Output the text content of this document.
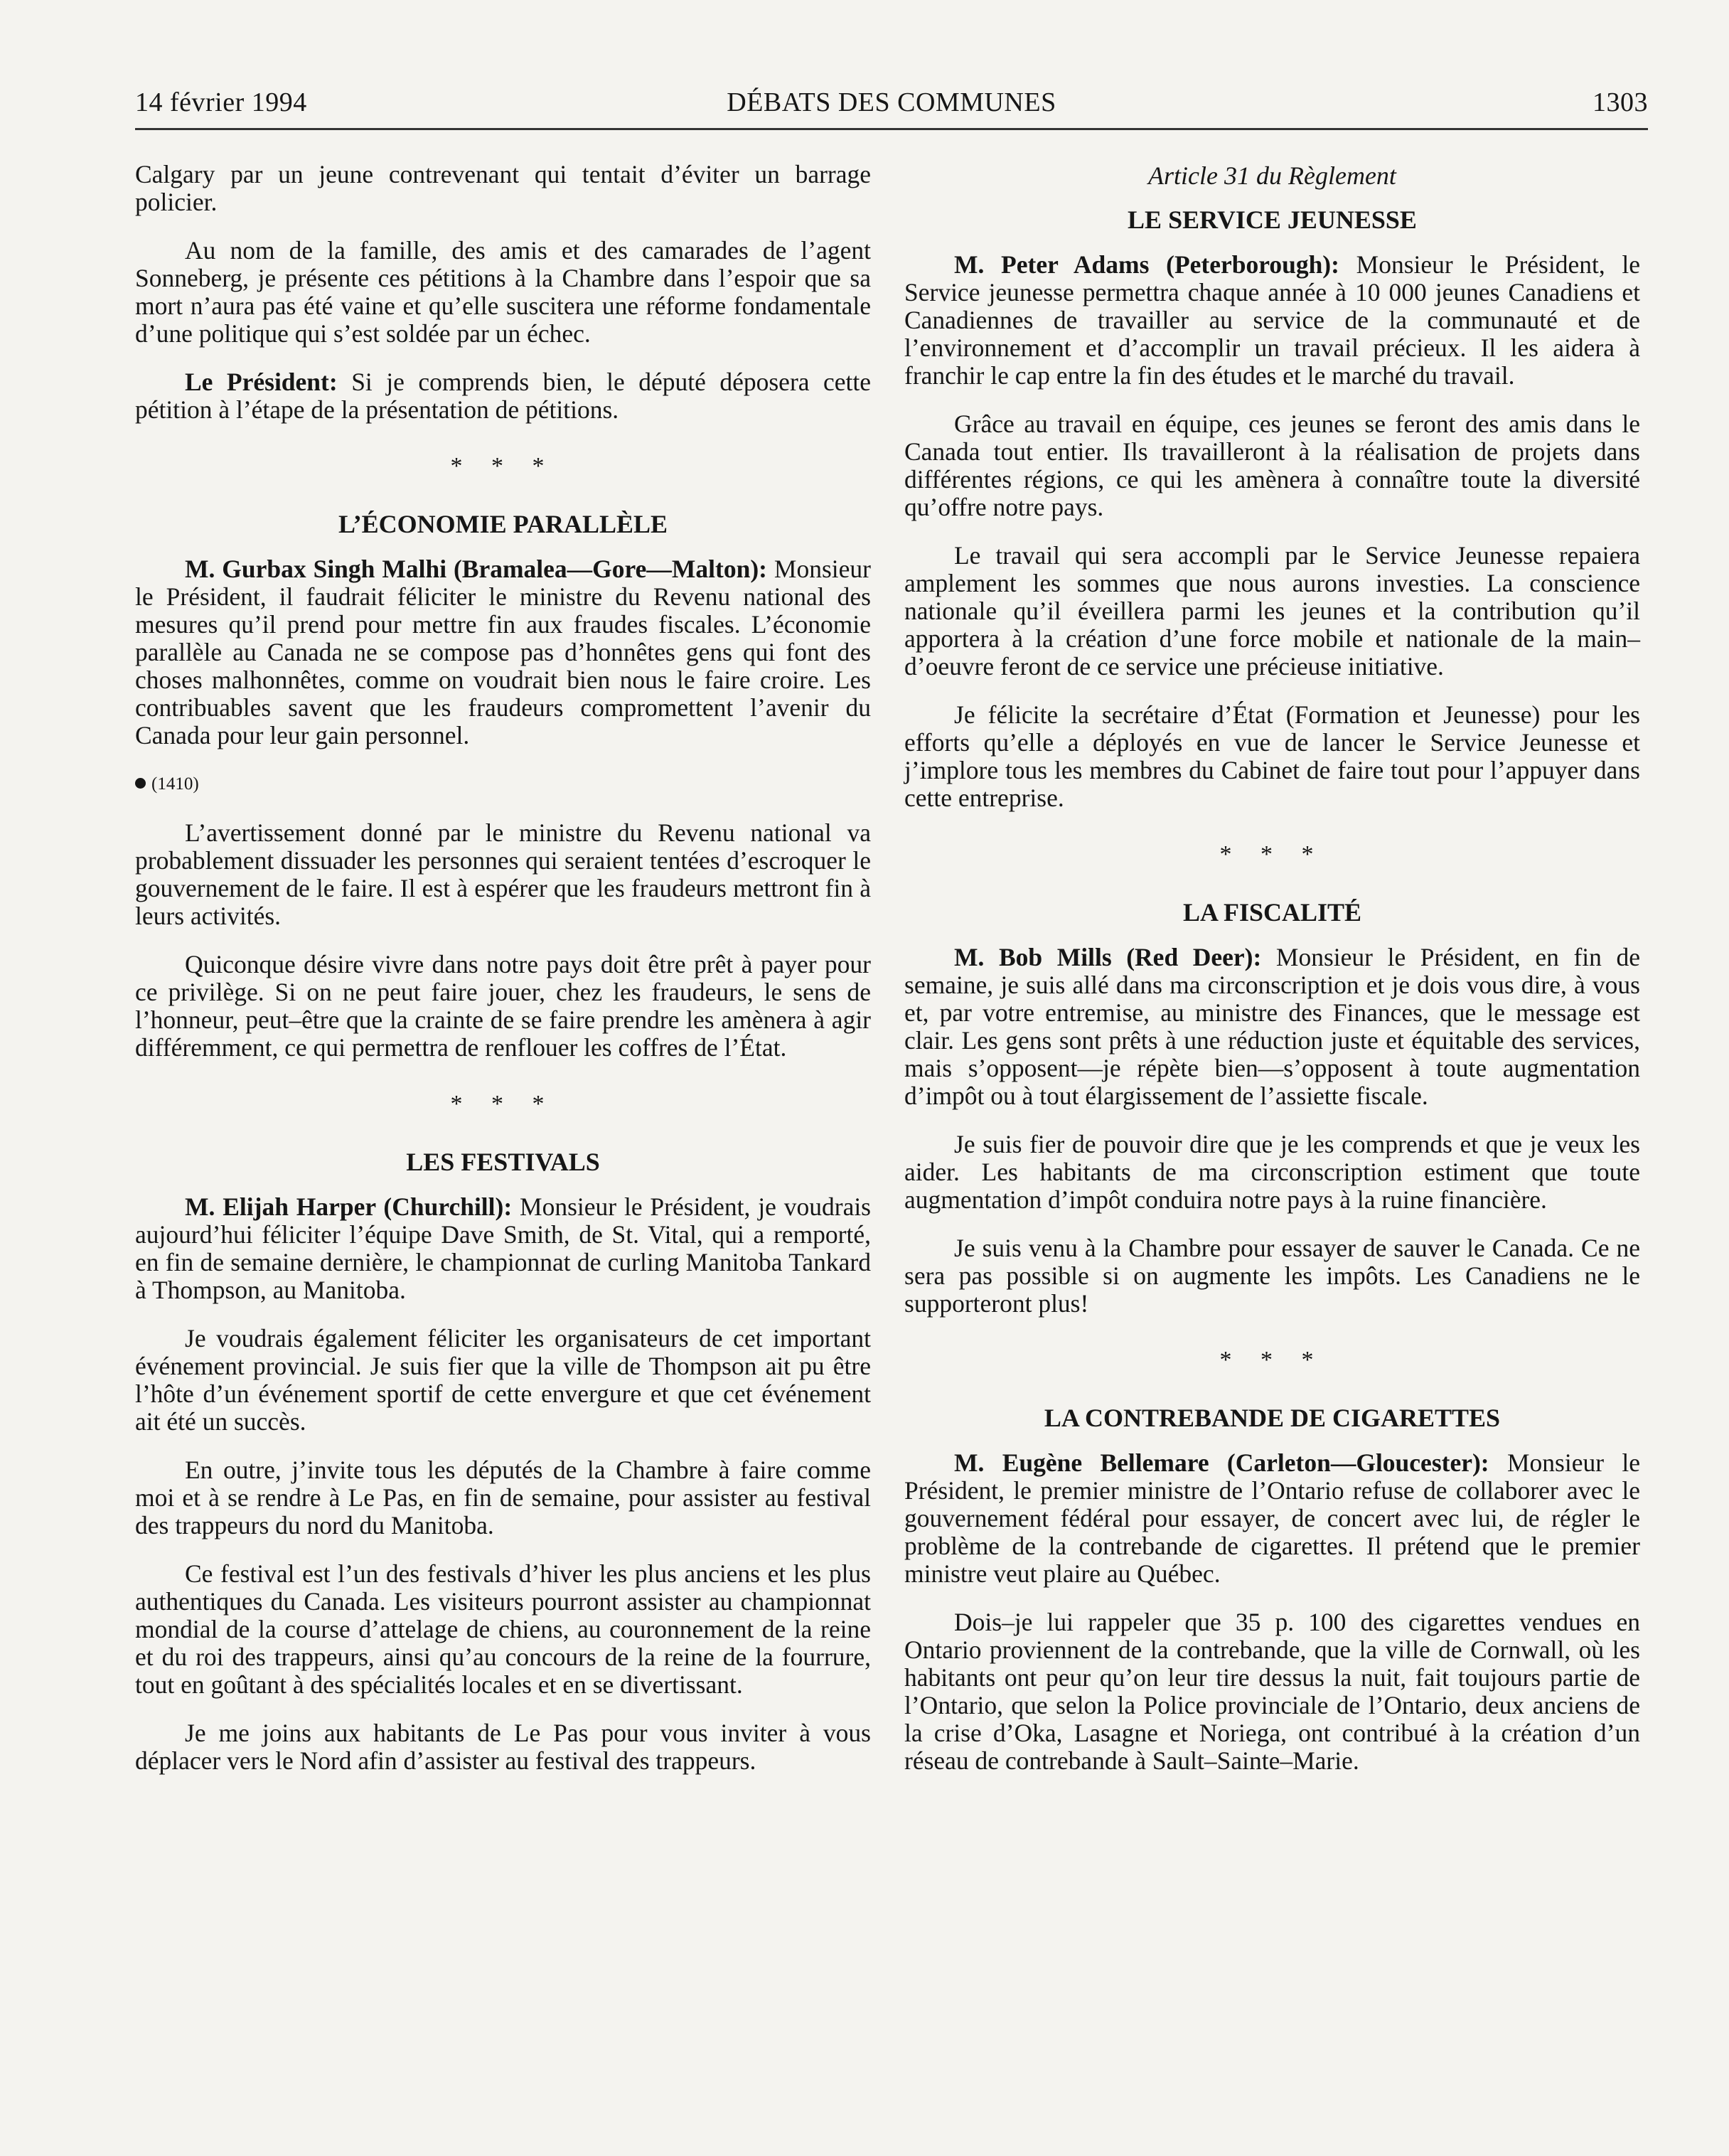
14 février 1994	DÉBATS DES COMMUNES	1303

Calgary par un jeune contrevenant qui tentait d’éviter un barrage policier.

Au nom de la famille, des amis et des camarades de l’agent Sonneberg, je présente ces pétitions à la Chambre dans l’espoir que sa mort n’aura pas été vaine et qu’elle suscitera une réforme fondamentale d’une politique qui s’est soldée par un échec.

Le Président: Si je comprends bien, le député déposera cette pétition à l’étape de la présentation de pétitions.

* * *
L’ÉCONOMIE PARALLÈLE

M. Gurbax Singh Malhi (Bramalea—Gore—Malton): Monsieur le Président, il faudrait féliciter le ministre du Revenu national des mesures qu’il prend pour mettre fin aux fraudes fiscales. L’économie parallèle au Canada ne se compose pas d’honnêtes gens qui font des choses malhonnêtes, comme on voudrait bien nous le faire croire. Les contribuables savent que les fraudeurs compromettent l’avenir du Canada pour leur gain personnel.

(1410)

L’avertissement donné par le ministre du Revenu national va probablement dissuader les personnes qui seraient tentées d’escroquer le gouvernement de le faire. Il est à espérer que les fraudeurs mettront fin à leurs activités.

Quiconque désire vivre dans notre pays doit être prêt à payer pour ce privilège. Si on ne peut faire jouer, chez les fraudeurs, le sens de l’honneur, peut–être que la crainte de se faire prendre les amènera à agir différemment, ce qui permettra de renflouer les coffres de l’État.

* * *
LES FESTIVALS

M. Elijah Harper (Churchill): Monsieur le Président, je voudrais aujourd’hui féliciter l’équipe Dave Smith, de St. Vital, qui a remporté, en fin de semaine dernière, le championnat de curling Manitoba Tankard à Thompson, au Manitoba.

Je voudrais également féliciter les organisateurs de cet important événement provincial. Je suis fier que la ville de Thompson ait pu être l’hôte d’un événement sportif de cette envergure et que cet événement ait été un succès.

En outre, j’invite tous les députés de la Chambre à faire comme moi et à se rendre à Le Pas, en fin de semaine, pour assister au festival des trappeurs du nord du Manitoba.

Ce festival est l’un des festivals d’hiver les plus anciens et les plus authentiques du Canada. Les visiteurs pourront assister au championnat mondial de la course d’attelage de chiens, au couronnement de la reine et du roi des trappeurs, ainsi qu’au concours de la reine de la fourrure, tout en goûtant à des spécialités locales et en se divertissant.

Je me joins aux habitants de Le Pas pour vous inviter à vous déplacer vers le Nord afin d’assister au festival des trappeurs.

Article 31 du Règlement
LE SERVICE JEUNESSE

M. Peter Adams (Peterborough): Monsieur le Président, le Service jeunesse permettra chaque année à 10 000 jeunes Canadiens et Canadiennes de travailler au service de la communauté et de l’environnement et d’accomplir un travail précieux. Il les aidera à franchir le cap entre la fin des études et le marché du travail.

Grâce au travail en équipe, ces jeunes se feront des amis dans le Canada tout entier. Ils travailleront à la réalisation de projets dans différentes régions, ce qui les amènera à connaître toute la diversité qu’offre notre pays.

Le travail qui sera accompli par le Service Jeunesse repaiera amplement les sommes que nous aurons investies. La conscience nationale qu’il éveillera parmi les jeunes et la contribution qu’il apportera à la création d’une force mobile et nationale de la main–d’oeuvre feront de ce service une précieuse initiative.

Je félicite la secrétaire d’État (Formation et Jeunesse) pour les efforts qu’elle a déployés en vue de lancer le Service Jeunesse et j’implore tous les membres du Cabinet de faire tout pour l’appuyer dans cette entreprise.

* * *
LA FISCALITÉ

M. Bob Mills (Red Deer): Monsieur le Président, en fin de semaine, je suis allé dans ma circonscription et je dois vous dire, à vous et, par votre entremise, au ministre des Finances, que le message est clair. Les gens sont prêts à une réduction juste et équitable des services, mais s’opposent—je répète bien—s’opposent à toute augmentation d’impôt ou à tout élargissement de l’assiette fiscale.

Je suis fier de pouvoir dire que je les comprends et que je veux les aider. Les habitants de ma circonscription estiment que toute augmentation d’impôt conduira notre pays à la ruine financière.

Je suis venu à la Chambre pour essayer de sauver le Canada. Ce ne sera pas possible si on augmente les impôts. Les Canadiens ne le supporteront plus!

* * *
LA CONTREBANDE DE CIGARETTES

M. Eugène Bellemare (Carleton—Gloucester): Monsieur le Président, le premier ministre de l’Ontario refuse de collaborer avec le gouvernement fédéral pour essayer, de concert avec lui, de régler le problème de la contrebande de cigarettes. Il prétend que le premier ministre veut plaire au Québec.

Dois–je lui rappeler que 35 p. 100 des cigarettes vendues en Ontario proviennent de la contrebande, que la ville de Cornwall, où les habitants ont peur qu’on leur tire dessus la nuit, fait toujours partie de l’Ontario, que selon la Police provinciale de l’Ontario, deux anciens de la crise d’Oka, Lasagne et Noriega, ont contribué à la création d’un réseau de contrebande à Sault–Sainte–Marie.
